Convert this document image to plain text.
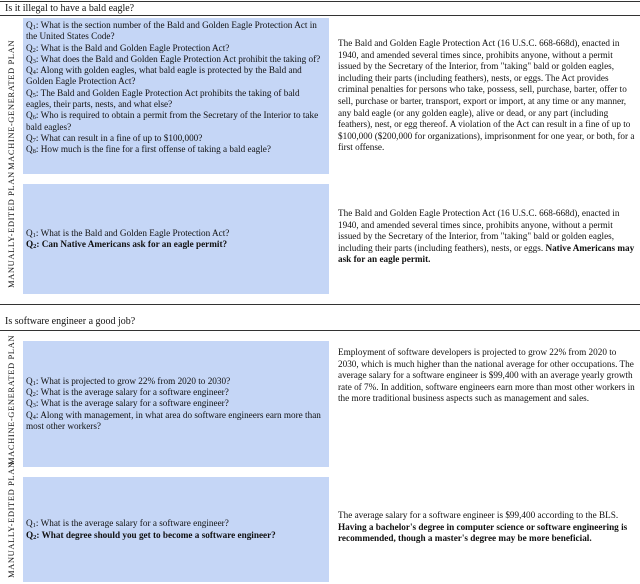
Is it illegal to have a bald eagle?
MACHINE-GENERATED PLAN
$Q_1$: What is the section number of the Bald and Golden Eagle Protection Act in the United States Code?
$Q_2$: What is the Bald and Golden Eagle Protection Act?
$Q_3$: What does the Bald and Golden Eagle Protection Act prohibit the taking of?
$Q_4$: Along with golden eagles, what bald eagle is protected by the Bald and Golden Eagle Protection Act?
$Q_5$: The Bald and Golden Eagle Protection Act prohibits the taking of bald eagles, their parts, nests, and what else?
$Q_6$: Who is required to obtain a permit from the Secretary of the Interior to take bald eagles?
$Q_7$: What can result in a fine of up to $100,000?
$Q_8$: How much is the fine for a first offense of taking a bald eagle?
The Bald and Golden Eagle Protection Act (16 U.S.C. 668-668d), enacted in 1940, and amended several times since, prohibits anyone, without a permit issued by the Secretary of the Interior, from "taking" bald or golden eagles, including their parts (including feathers), nests, or eggs. The Act provides criminal penalties for persons who take, possess, sell, purchase, barter, offer to sell, purchase or barter, transport, export or import, at any time or any manner, any bald eagle (or any golden eagle), alive or dead, or any part (including feathers), nest, or egg thereof. A violation of the Act can result in a fine of up to $100,000 ($200,000 for organizations), imprisonment for one year, or both, for a first offense.
MANUALLY-EDITED PLAN $Q_1$: What is the Bald and Golden Eagle Protection Act?
$Q_2$: Can Native Americans ask for an eagle permit?
The Bald and Golden Eagle Protection Act (16 U.S.C. 668-668d), enacted in 1940, and amended several times since, prohibits anyone, without a permit issued by the Secretary of the Interior, from "taking" bald or golden eagles, including their parts (including feathers), nests, or eggs. Native Americans may ask for an eagle permit.
Is software engineer a good job?
MACHINE-GENERATED PLAN $Q_1$: What is projected to grow 22% from 2020 to 2030?
$Q_2$: What is the average salary for a software engineer?
$Q_3$: What is the average salary for a software engineer?
$Q_4$: Along with management, in what area do software engineers earn more than most other workers?
Employment of software developers is projected to grow 22% from 2020 to 2030, which is much higher than the national average for other occupations. The average salary for a software engineer is $99,400 with an average yearly growth rate of 7%. In addition, software engineers earn more than most other workers in the more traditional business aspects such as management and sales.
MANUALLY-EDITED PLAN $Q_1$: What is the average salary for a software engineer?
$Q_2$: What degree should you get to become a software engineer?
The average salary for a software engineer is $99,400 according to the BLS. Having a bachelor's degree in computer science or software engineering is recommended, though a master's degree may be more beneficial.
